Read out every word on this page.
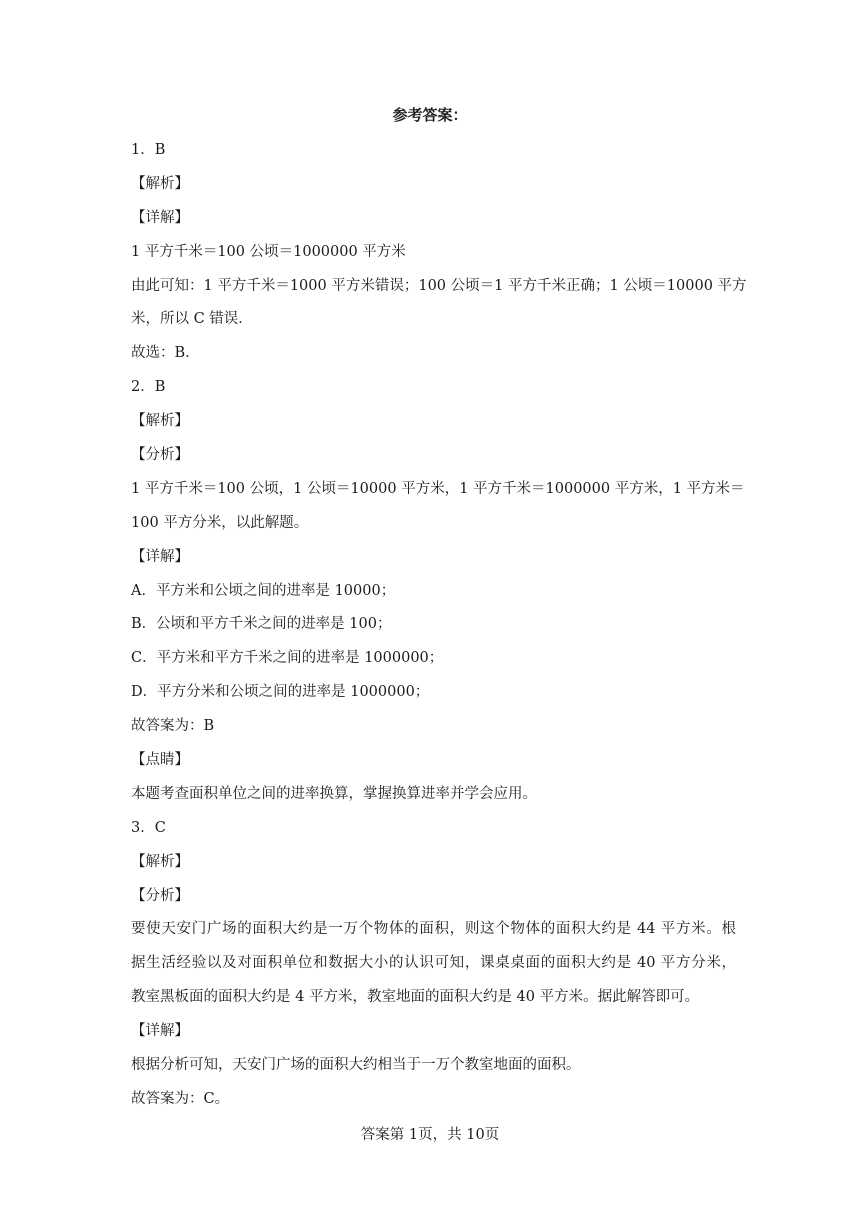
参考答案：
1．B
【解析】
【详解】
1 平方千米＝100 公顷＝1000000 平方米
由此可知：1 平方千米＝1000 平方米错误；100 公顷＝1 平方千米正确；1 公顷＝10000 平方
米，所以 C 错误．
故选：B．
2．B
【解析】
【分析】
1 平方千米＝100 公顷，1 公顷＝10000 平方米，1 平方千米＝1000000 平方米，1 平方米＝
100 平方分米，以此解题。
【详解】
A．平方米和公顷之间的进率是 10000；
B．公顷和平方千米之间的进率是 100；
C．平方米和平方千米之间的进率是 1000000；
D．平方分米和公顷之间的进率是 1000000；
故答案为：B
【点睛】
本题考查面积单位之间的进率换算，掌握换算进率并学会应用。
3．C
【解析】
【分析】
要使天安门广场的面积大约是一万个物体的面积，则这个物体的面积大约是 44 平方米。根
据生活经验以及对面积单位和数据大小的认识可知，课桌桌面的面积大约是 40 平方分米，
教室黑板面的面积大约是 4 平方米，教室地面的面积大约是 40 平方米。据此解答即可。
【详解】
根据分析可知，天安门广场的面积大约相当于一万个教室地面的面积。
故答案为：C。
答案第 1页，共 10页
